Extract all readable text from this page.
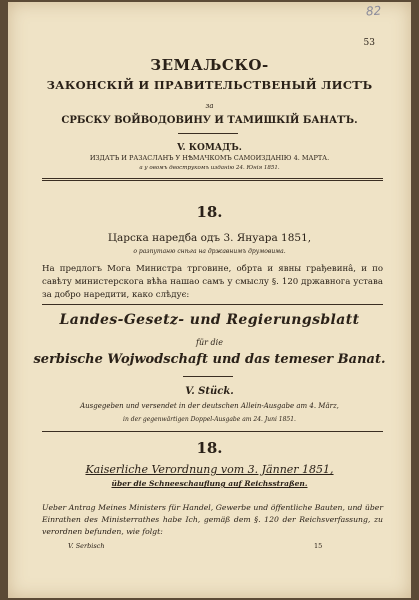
82
53
ЗЕМАЉСКО-
ЗАКОНСКІЙ И ПРАВИТЕЛЬСТВЕНЫЙ ЛИСТЪ
за
СРБСКУ ВОЙВОДОВИНУ И ТАМИШКІЙ БАНАТЪ.
V. КОМАДЪ.
ИЗДАТЪ И РАЗАСЛАНЪ У НѢМАЧКОМЪ САМОИЗДАНІЮ 4. МАРТА.
а у овомъ двострукомъ изданію 24. Юнія 1851.
18.
Царска наредба одъ 3. Януара 1851,
о разпутаню снѣга на државнимъ друмовима.
На предлогъ Мога Министра трговине, обрта и явны грађевинâ, и по савѣту министерскога вѣћа нашао самъ у смыслу §. 120 државнога устава за добро наредити, како слѣдує:
Landes-Gesetz- und Regierungsblatt
für die
serbische Wojwodschaft und das temeser Banat.
V. Stück.
Ausgegeben und versendet in der deutschen Allein-Ausgabe am 4. März,
in der gegenwärtigen Doppel-Ausgabe am 24. Juni 1851.
18.
Kaiserliche Verordnung vom 3. Jänner 1851,
über die Schneeschauflung auf Reichsstraßen.
Ueber Antrag Meines Ministers für Handel, Gewerbe und öffentliche Bauten, und über Einrathen des Ministerrathes habe Ich, gemäß dem §. 120 der Reichsverfassung, zu verordnen befunden, wie folgt:
V. Serbisch	15
